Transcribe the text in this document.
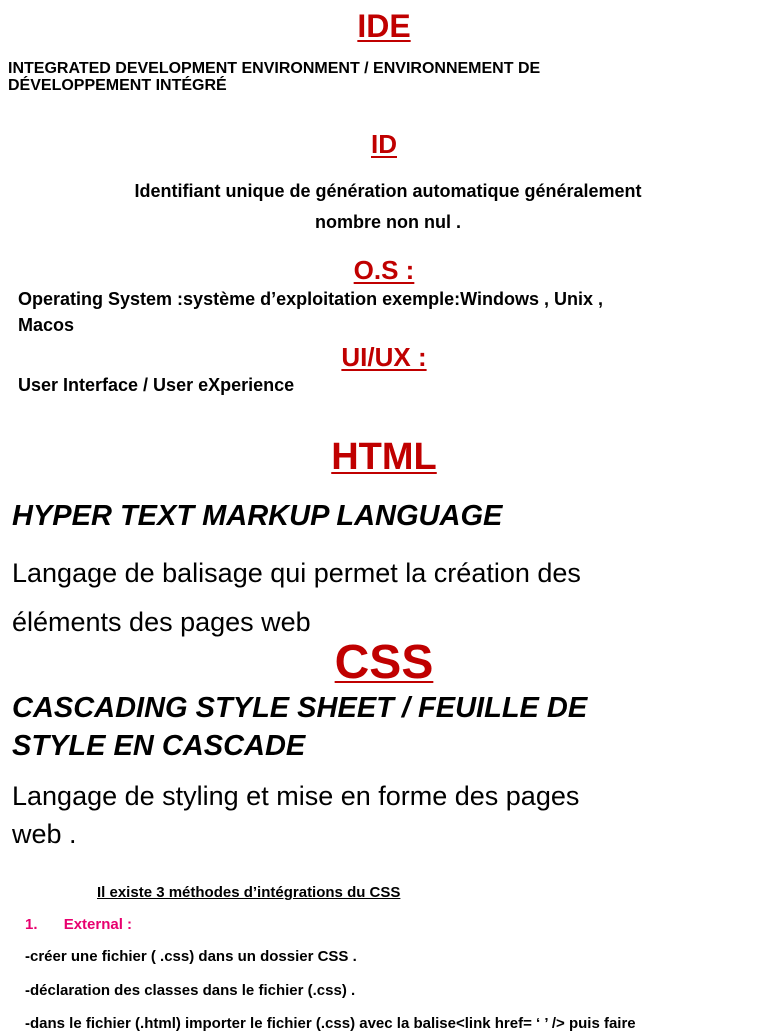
IDE

INTEGRATED DEVELOPMENT ENVIRONMENT / ENVIRONNEMENT DE

DÉVELOPPEMENT INTÉGRÉ

ID

Identifiant unique de génération automatique généralement

nombre non nul .

O.S :

Operating System :système d’exploitation exemple:Windows , Unix ,

Macos

UI/UX :

User Interface / User eXperience

HTML

HYPER TEXT MARKUP LANGUAGE

Langage de balisage qui permet la création des

éléments des pages web

CSS

CASCADING STYLE SHEET / FEUILLE DE

STYLE EN CASCADE

Langage de styling et mise en forme des pages

web .

Il existe 3 méthodes d’intégrations du CSS

1. External :

-créer une fichier ( .css) dans un dossier CSS .

-déclaration des classes dans le fichier (.css) .

-dans le fichier (.html) importer le fichier (.css) avec la balise<link href= ‘ ’ /> puis faire
